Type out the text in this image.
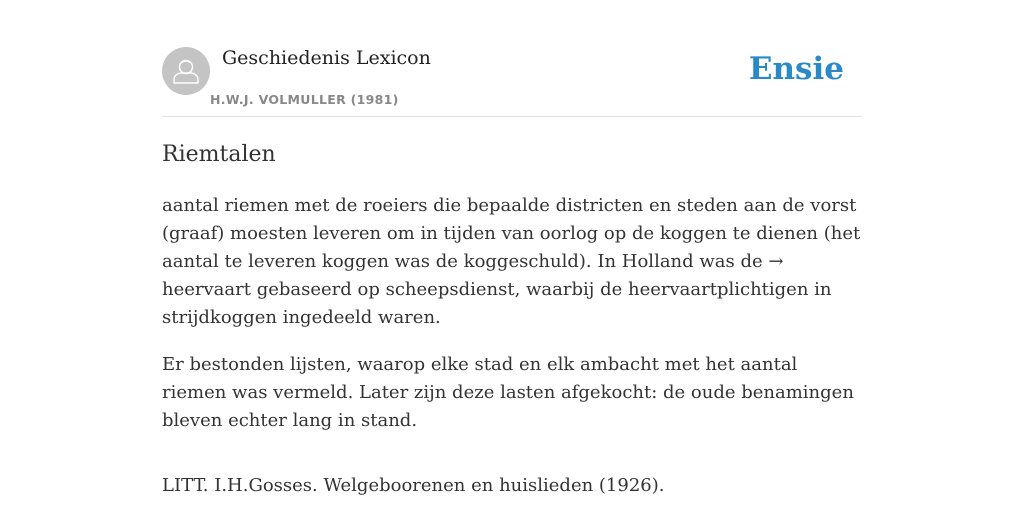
Geschiedenis Lexicon
H.W.J. VOLMULLER (1981)
Ensie
Riemtalen

aantal riemen met de roeiers die bepaalde districten en steden aan de vorst (graaf) moesten leveren om in tijden van oorlog op de koggen te dienen (het aantal te leveren koggen was de koggeschuld). In Holland was de → heervaart gebaseerd op scheepsdienst, waarbij de heervaartplichtigen in strijdkoggen ingedeeld waren.

Er bestonden lijsten, waarop elke stad en elk ambacht met het aantal riemen was vermeld. Later zijn deze lasten afgekocht: de oude benamingen bleven echter lang in stand.

LITT. I.H.Gosses. Welgeboorenen en huislieden (1926).
